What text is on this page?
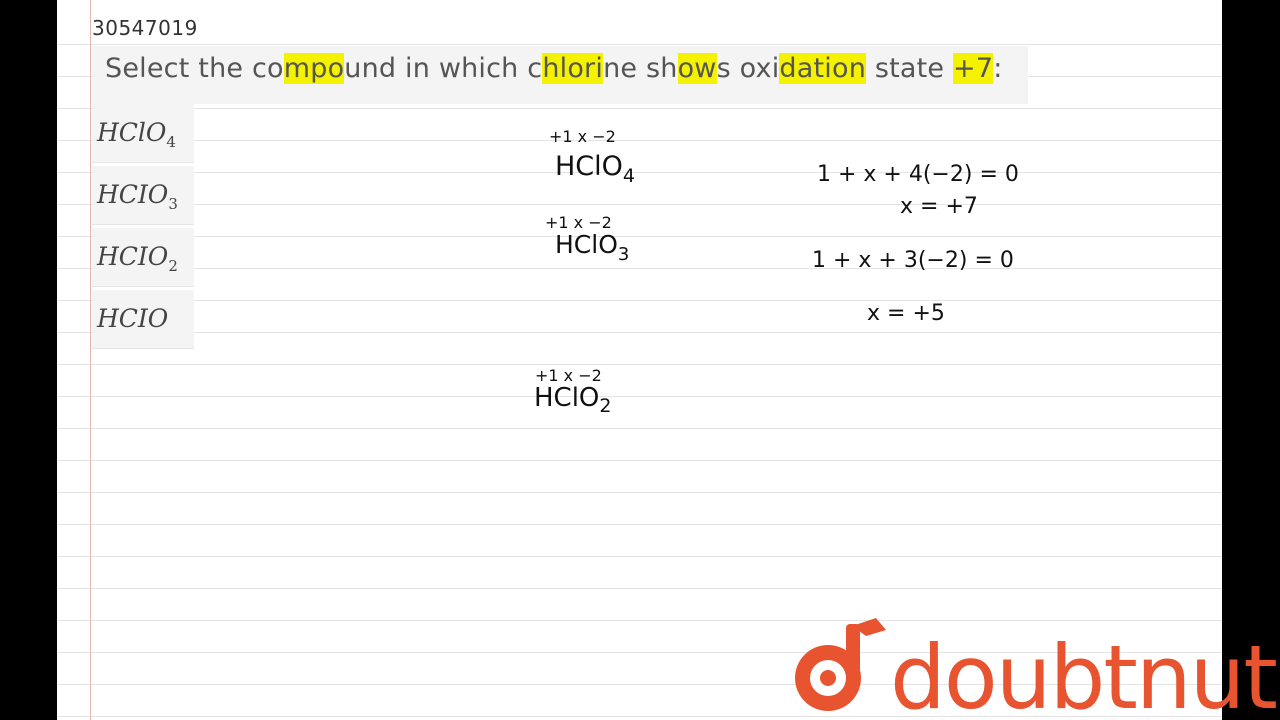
30547019
Select the compound in which chlorine shows oxidation state +7:
HClO$_4$
$HCIO_3$
$HCIO_2$
HCIO
+1 x −2
HClO$_4$
+1 x −2
HClO$_3$
+1 x −2
HClO$_2$
1 + x + 4(−2) = 0
x = +7
1 + x + 3(−2) = 0
x = +5
doubtnut
